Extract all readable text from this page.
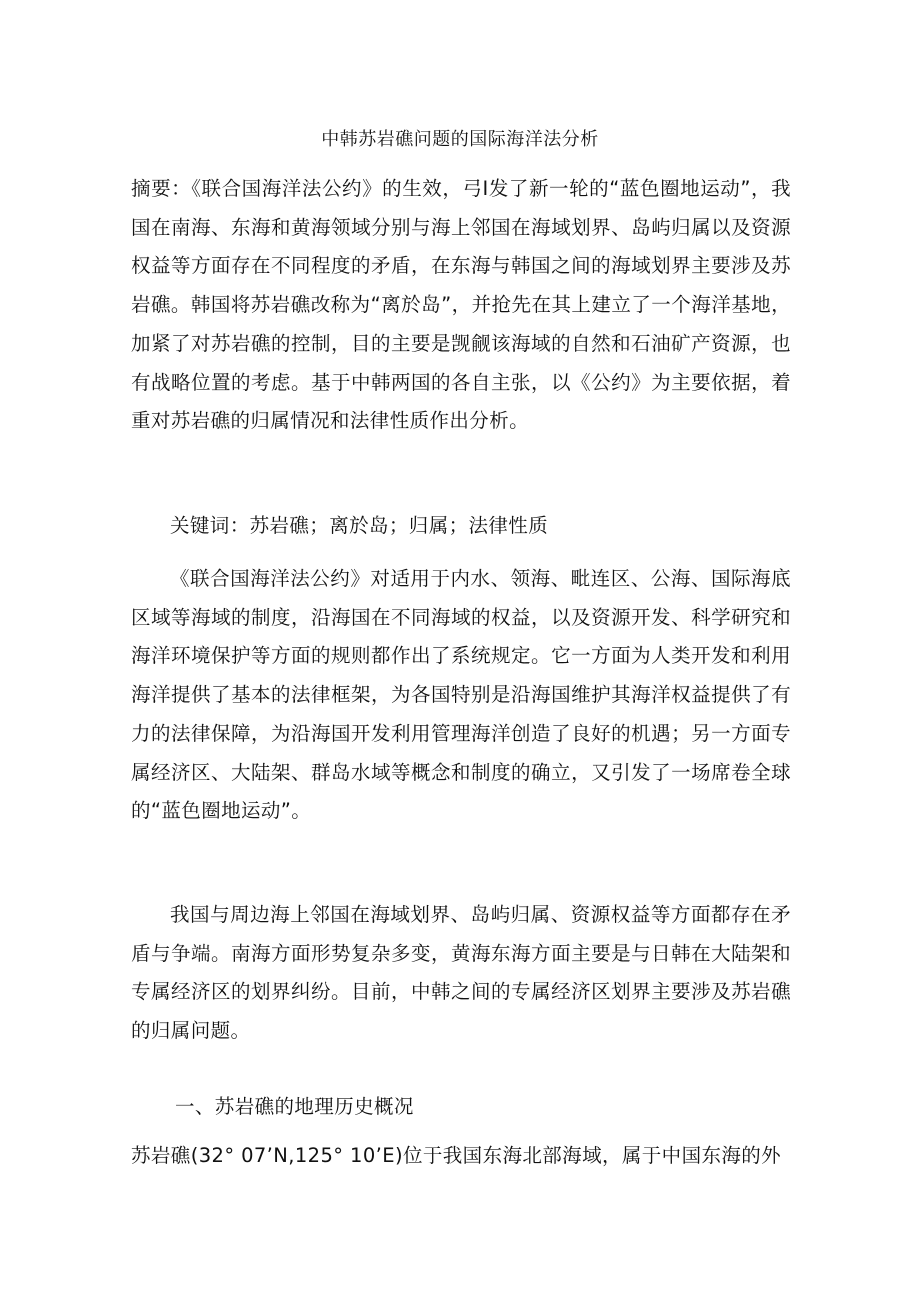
中韩苏岩礁问题的国际海洋法分析

摘要：《联合国海洋法公约》的生效，弓I发了新一轮的“蓝色圈地运动”，我国在南海、东海和黄海领域分别与海上邻国在海域划界、岛屿归属以及资源权益等方面存在不同程度的矛盾，在东海与韩国之间的海域划界主要涉及苏岩礁。韩国将苏岩礁改称为“离於岛”，并抢先在其上建立了一个海洋基地，加紧了对苏岩礁的控制，目的主要是觊觎该海域的自然和石油矿产资源，也有战略位置的考虑。基于中韩两国的各自主张，以《公约》为主要依据，着重对苏岩礁的归属情况和法律性质作出分析。

关键词：苏岩礁；离於岛；归属；法律性质

《联合国海洋法公约》对适用于内水、领海、毗连区、公海、国际海底区域等海域的制度，沿海国在不同海域的权益，以及资源开发、科学研究和海洋环境保护等方面的规则都作出了系统规定。它一方面为人类开发和利用海洋提供了基本的法律框架，为各国特别是沿海国维护其海洋权益提供了有力的法律保障，为沿海国开发利用管理海洋创造了良好的机遇；另一方面专属经济区、大陆架、群岛水域等概念和制度的确立，又引发了一场席卷全球的“蓝色圈地运动”。

我国与周边海上邻国在海域划界、岛屿归属、资源权益等方面都存在矛盾与争端。南海方面形势复杂多变，黄海东海方面主要是与日韩在大陆架和专属经济区的划界纠纷。目前，中韩之间的专属经济区划界主要涉及苏岩礁的归属问题。

一、苏岩礁的地理历史概况

苏岩礁(32° 07’N,125° 10’E)位于我国东海北部海域，属于中国东海的外
